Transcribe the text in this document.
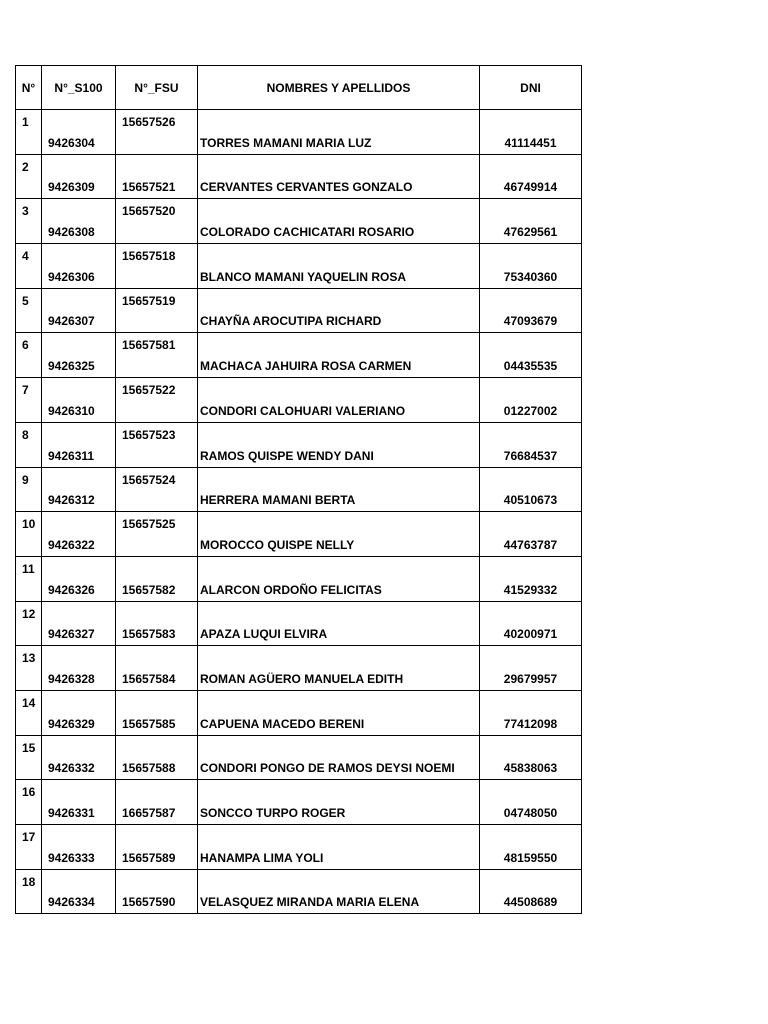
N°	N°_S100	N°_FSU	NOMBRES Y APELLIDOS	DNI

1	9426304	15657526	TORRES MAMANI MARIA LUZ	41114451

2	9426309	15657521	CERVANTES CERVANTES GONZALO	46749914

3	9426308	15657520	COLORADO CACHICATARI ROSARIO	47629561

4	9426306	15657518	BLANCO MAMANI YAQUELIN ROSA	75340360

5	9426307	15657519	CHAYÑA AROCUTIPA RICHARD	47093679

6	9426325	15657581	MACHACA JAHUIRA ROSA CARMEN	04435535

7	9426310	15657522	CONDORI CALOHUARI VALERIANO	01227002

8	9426311	15657523	RAMOS QUISPE WENDY DANI	76684537

9	9426312	15657524	HERRERA MAMANI BERTA	40510673

10	9426322	15657525	MOROCCO QUISPE NELLY	44763787

11	9426326	15657582	ALARCON ORDOÑO FELICITAS	41529332

12	9426327	15657583	APAZA LUQUI ELVIRA	40200971

13	9426328	15657584	ROMAN AGÜERO MANUELA EDITH	29679957

14	9426329	15657585	CAPUENA MACEDO BERENI	77412098

15	9426332	15657588	CONDORI PONGO DE RAMOS DEYSI NOEMI	45838063

16	9426331	16657587	SONCCO TURPO ROGER	04748050

17	9426333	15657589	HANAMPA LIMA YOLI	48159550

18	9426334	15657590	VELASQUEZ MIRANDA MARIA ELENA	44508689
